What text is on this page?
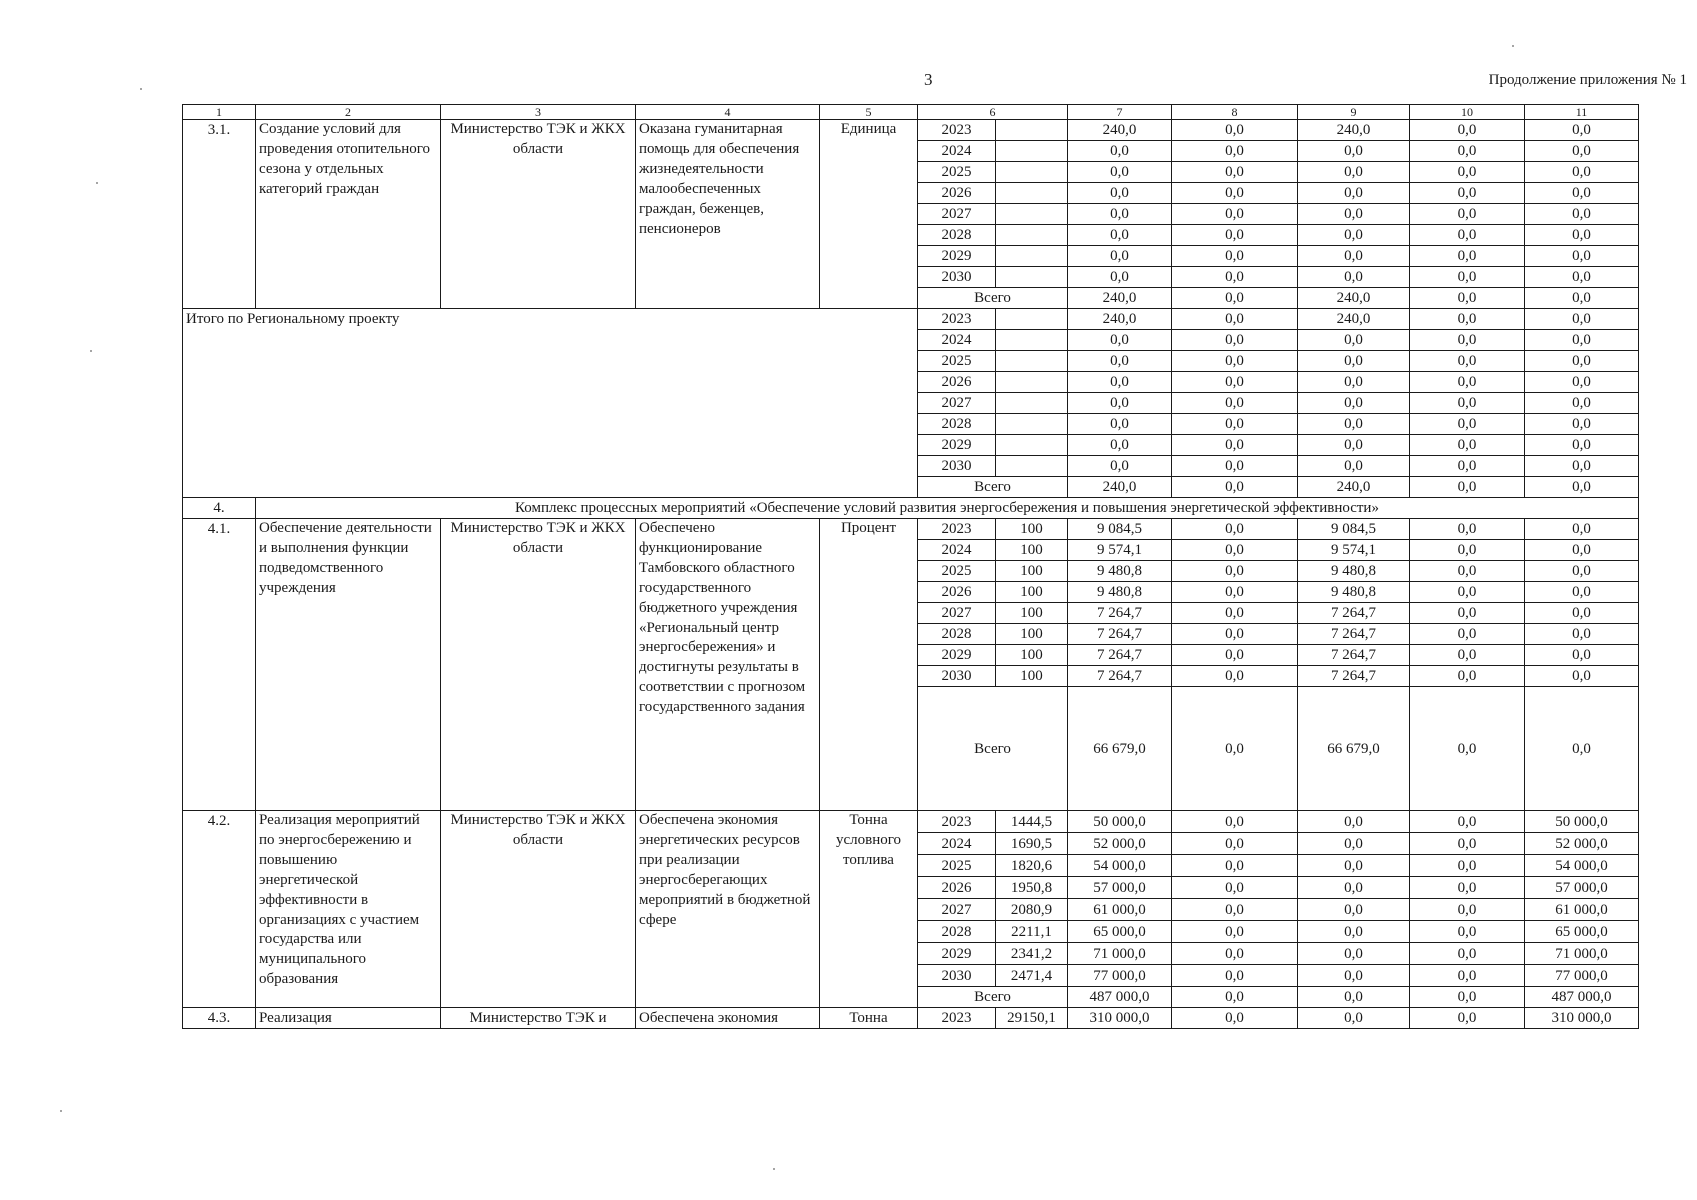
3	Продолжение приложения № 1
1	2	3	4	5	6		7	8	9	10	11
3.1.	Создание условий для проведения отопительного сезона у отдельных категорий граждан	Министерство ТЭК и ЖКХ области	Оказана гуманитарная помощь для обеспечения жизнедеятельности малообеспеченных граждан, беженцев, пенсионеров	Единица	2023		240,0	0,0	240,0	0,0	0,0
					2024		0,0	0,0	0,0	0,0	0,0
					2025		0,0	0,0	0,0	0,0	0,0
					2026		0,0	0,0	0,0	0,0	0,0
					2027		0,0	0,0	0,0	0,0	0,0
					2028		0,0	0,0	0,0	0,0	0,0
					2029		0,0	0,0	0,0	0,0	0,0
					2030		0,0	0,0	0,0	0,0	0,0
					Всего		240,0	0,0	240,0	0,0	0,0
Итого по Региональному проекту					2023		240,0	0,0	240,0	0,0	0,0
					2024		0,0	0,0	0,0	0,0	0,0
					2025		0,0	0,0	0,0	0,0	0,0
					2026		0,0	0,0	0,0	0,0	0,0
					2027		0,0	0,0	0,0	0,0	0,0
					2028		0,0	0,0	0,0	0,0	0,0
					2029		0,0	0,0	0,0	0,0	0,0
					2030		0,0	0,0	0,0	0,0	0,0
					Всего		240,0	0,0	240,0	0,0	0,0
4.	Комплекс процессных мероприятий «Обеспечение условий развития энергосбережения и повышения энергетической эффективности»										
4.1.	Обеспечение деятельности и выполнения функции подведомственного учреждения	Министерство ТЭК и ЖКХ области	Обеспечено функционирование Тамбовского областного государственного бюджетного учреждения «Региональный центр энергосбережения» и достигнуты результаты в соответствии с прогнозом государственного задания	Процент	2023	100	9 084,5	0,0	9 084,5	0,0	0,0
					2024	100	9 574,1	0,0	9 574,1	0,0	0,0
					2025	100	9 480,8	0,0	9 480,8	0,0	0,0
					2026	100	9 480,8	0,0	9 480,8	0,0	0,0
					2027	100	7 264,7	0,0	7 264,7	0,0	0,0
					2028	100	7 264,7	0,0	7 264,7	0,0	0,0
					2029	100	7 264,7	0,0	7 264,7	0,0	0,0
					2030	100	7 264,7	0,0	7 264,7	0,0	0,0
					Всего		66 679,0	0,0	66 679,0	0,0	0,0
4.2.	Реализация мероприятий по энергосбережению и повышению энергетической эффективности в организациях с участием государства или муниципального образования	Министерство ТЭК и ЖКХ области	Обеспечена экономия энергетических ресурсов при реализации энергосберегающих мероприятий в бюджетной сфере	Тонна условного топлива	2023	1444,5	50 000,0	0,0	0,0	0,0	50 000,0
					2024	1690,5	52 000,0	0,0	0,0	0,0	52 000,0
					2025	1820,6	54 000,0	0,0	0,0	0,0	54 000,0
					2026	1950,8	57 000,0	0,0	0,0	0,0	57 000,0
					2027	2080,9	61 000,0	0,0	0,0	0,0	61 000,0
					2028	2211,1	65 000,0	0,0	0,0	0,0	65 000,0
					2029	2341,2	71 000,0	0,0	0,0	0,0	71 000,0
					2030	2471,4	77 000,0	0,0	0,0	0,0	77 000,0
					Всего		487 000,0	0,0	0,0	0,0	487 000,0
4.3.	Реализация	Министерство ТЭК и	Обеспечена экономия	Тонна	2023	29150,1	310 000,0	0,0	0,0	0,0	310 000,0
